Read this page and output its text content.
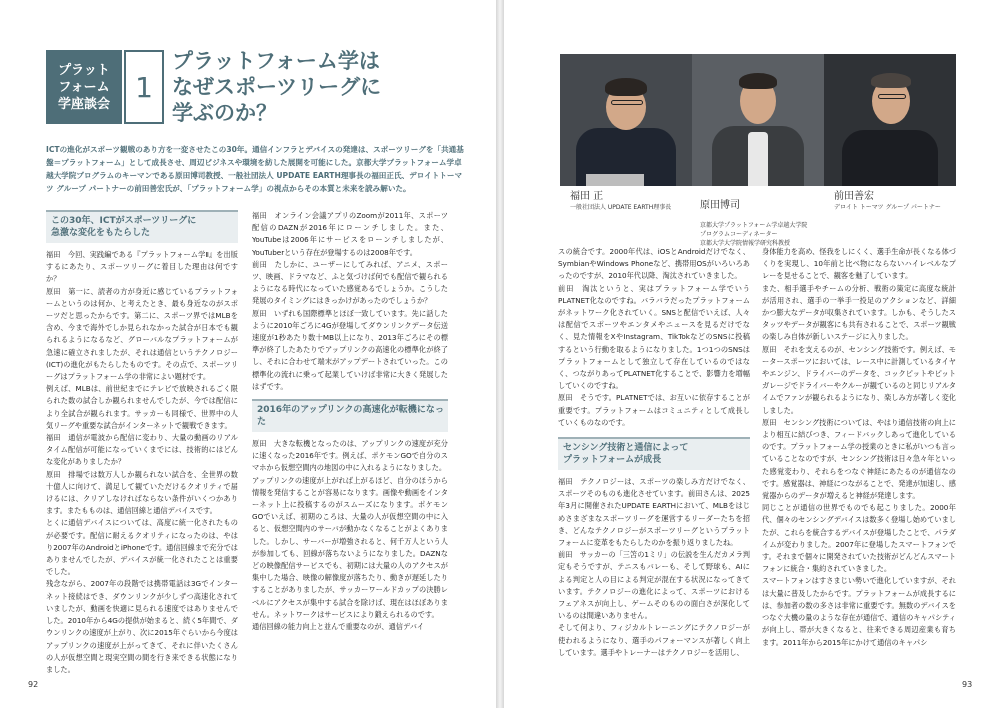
プラット
フォーム
学座談会
1
プラットフォーム学は
なぜスポーツリーグに
学ぶのか？
ICTの進化がスポーツ観戦のあり方を一変させたこの30年。通信インフラとデバイスの発達は、スポーツリーグを「共通基盤＝プラットフォーム」として成長させ、周辺ビジネスや環境を紡した展開を可能にした。京都大学プラットフォーム学卓越大学院プログラムのキーマンである原田博司教授、一般社団法人 UPDATE EARTH理事長の福田正氏、デロイトトーマツ グループ パートナーの前田善宏氏が、「プラットフォーム学」の視点からその本質と未来を読み解いた。
この30年、ICTがスポーツリーグに
急激な変化をもたらした

福田　今回、実践編である『プラットフォーム学Ⅱ』を出版するにあたり、スポーツリーグに着目した理由は何ですか？

原田　第一に、読者の方が身近に感じているプラットフォームというのは何か、と考えたとき、最も身近なのがスポーツだと思ったからです。第二に、スポーツ界ではMLBを含め、今まで海外でしか見られなかった試合が日本でも観られるようになるなど、グローバルなプラットフォームが急速に確立されましたが、それは通信というテクノロジー(ICT)の進化がもたらしたものです。その点で、スポーツリーグはプラットフォーム学の非常によい題材です。

例えば、MLBは、前世紀までにテレビで放映されるごく限られた数の試合しか観られませんでしたが、今では配信により全試合が観られます。サッカーも同様で、世界中の人気リーグや重要な試合がインターネットで観戦できます。

福田　通信が電波から配信に変わり、大量の動画のリアルタイム配信が可能になっていくまでには、技術的にはどんな変化がありましたか？

原田　排場では数万人しか観られない試合を、全世界の数十億人に向けて、満足して観ていただけるクオリティで届けるには、クリアしなければならない条件がいくつかあります。またもものは、通信回線と通信デバイスです。

とくに通信デバイスについては、高度に統一化されたものが必要です。配信に耐えるクオリティになったのは、やはり2007年のAndroidとiPhoneです。通信回線まで充分ではありませんでしたが、デバイスが統一化されたことは重要でした。

残念ながら、2007年の段階では携帯電話は3Gでインターネット接続はでき、ダウンリンクが少しずつ高速化されていましたが、動画を快適に見られる速度ではありませんでした。2010年から4Gの提供が始まると、続く5年間で、ダウンリンクの速度が上がり、次に2015年ぐらいから今度はアップリンクの速度が上がってきて、それに伴いたくさんの人が仮想空間と現実空間の間を行き来できる状態になりました。

福田　オンライン会議アプリのZoomが2011年、スポーツ配信のDAZNが2016年にローンチしました。また、YouTubeは2006年にサービスをローンチしましたが、YouTuberという存在が登場するのは2008年です。

前田　たしかに、ユーザーにしてみれば、アニメ、スポーツ、映画、ドラマなど、ふと気づけば何でも配信で観られるようになる時代になっていた感覚あるでしょうか。こうした発展のタイミングにはきっかけがあったのでしょうか？

原田　いずれも国際標準とほぼ一致しています。先に話したように2010年ごろに4Gが登場してダウンリンクデータ伝送速度が1秒あたり数十MB以上になり、2013年ごろにその標準が終了したあたりでアップリンクの高速化の標準化が終了し、それに合わせて端末がアップデートされていった。この標準化の流れに乗って起業していけば非常に大きく発展したはずです。

2016年のアップリンクの高速化が転機になった

原田　大きな転機となったのは、アップリンクの速度が充分に速くなった2016年です。例えば、ポケモンGOで自分のスマホから仮想空間内の地図の中に入れるようになりました。

アップリンクの速度が上がれば上がるほど、自分のほうから情報を発信することが容易になります。画像や動画をインターネット上に投稿するのがスムーズになります。ポケモンGOでいえば、初期のころは、大量の人が仮想空間の中に入ると、仮想空間内のサーバが動かなくなることがよくありました。しかし、サーバーが増強されると、何千万人という人が参加しても、回線が落ちないようになりました。DAZNなどの映像配信サービスでも、初期には大量の人のアクセスが集中した場合、映像の解像度が落ちたり、動きが遅延したりすることがありましたが、サッカーワールドカップの決勝レベルにアクセスが集中する試合を除けば、現在はほぼありません。ネットワークはサービスにより鍛えられるのです。

通信回線の能力向上と並んで重要なのが、通信デバイ

92
福田 正
一般社団法人 UPDATE EARTH理事長	原田博司

京都大学プラットフォーム学卓越大学院
プログラムコーディネーター
京都大学大学院情報学研究科教授

前田善宏
デロイト トーマツ グループ パートナー

スの統合です。2000年代は、iOSとAndroidだけでなく、SymbianやWindows Phoneなど、携帯用OSがいろいろあったのですが、2010年代以降、淘汰されていきました。

前田　淘汰というと、実はプラットフォーム学でいうPLATNET化なのですね。バラバラだったプラットフォームがネットワーク化されていく。SNSと配信でいえば、人々は配信でスポーツやエンタメやニュースを見るだけでなく、見た情報をXやInstagram、TikTokなどのSNSに投稿するという行動を取るようになりました。1つ1つのSNSはプラットフォームとして独立して存在しているのではなく、つながりあってPLATNET化することで、影響力を増幅していくのですね。

原田　そうです。PLATNETでは、お互いに依存することが重要です。プラットフォームはコミュニティとして成長していくものなのです。

センシング技術と通信によって
プラットフォームが成長

福田　テクノロジーは、スポーツの楽しみ方だけでなく、スポーツそのものも進化させています。前田さんは、2025年3月に開催されたUPDATE EARTHにおいて、MLBをはじめさまざまなスポーツリーグを運営するリーダーたちを招き、どんなテクノロジーがスポーツリーグというプラットフォームに変革をもたらしたのかを振り返りましたね。

前田　サッカーの「三笘の1ミリ」の伝説を生んだカメラ判定もそうですが、テニスもバレーも、そして野球も、AIによる判定と人の目による判定が混在する状況になってきています。テクノロジーの進化によって、スポーツにおけるフェアネスが向上し、ゲームそのものの面白さが深化しているのは間違いありません。

そして何より、フィジカルトレーニングにテクノロジーが使われるようになり、選手のパフォーマンスが著しく向上しています。選手やトレーナーはテクノロジーを活用し、

身体能力を高め、怪我をしにくく、選手生命が長くなる体づくりを実現し、10年前と比べ物にならないハイレベルなプレーを見せることで、観客を魅了しています。

また、相手選手やチームの分析、戦術の策定に高度な統計が活用され、選手の一挙手一投足のアクションなど、詳細かつ膨大なデータが収集されています。しかも、そうしたスタッツやデータが観客にも共有されることで、スポーツ観戦の楽しみ自体が新しいステージに入りました。

原田　それを支えるのが、センシング技術です。例えば、モータースポーツにおいては、レース中に計測しているタイヤやエンジン、ドライバーのデータを、コックピットやピットガレージでドライバーやクルーが観ているのと同じリアルタイムでファンが観られるようになり、楽しみ方が著しく変化しました。

原田　センシング技術については、やはり通信技術の向上により相互に結びつき、フィードバックしあって進化しているのです。プラットフォーム学の授業のときに私がいつも言っていることなのですが、センシング技術は日々急々年といった感覚変わり、それらをつなぐ神経にあたるのが通信なのです。感覚器は、神経につながることで、発達が加速し、感覚器からのデータが増えると神経が発達します。

同じことが通信の世界でものでも起こりました。2000年代、個々のセンシングデバイスは数多く登場し始めていましたが、これらを統合するデバイスが登場したことで、パラダイムが変わりました。2007年に登場したスマートフォンです。それまで個々に開発されていた技術がどんどんスマートフォンに統合・集約されていきました。

スマートフォンはすさまじい勢いで進化していますが、それは大量に普及したからです。プラットフォームが成長するには、参加者の数の多さは非常に重要です。無数のデバイスをつなぐ大機の量のような存在が通信で、通信のキャパシティが向上し、帯が大きくなると、往来できる周辺産業も育ちます。2011年から2015年にかけて通信のキャパシ

93
